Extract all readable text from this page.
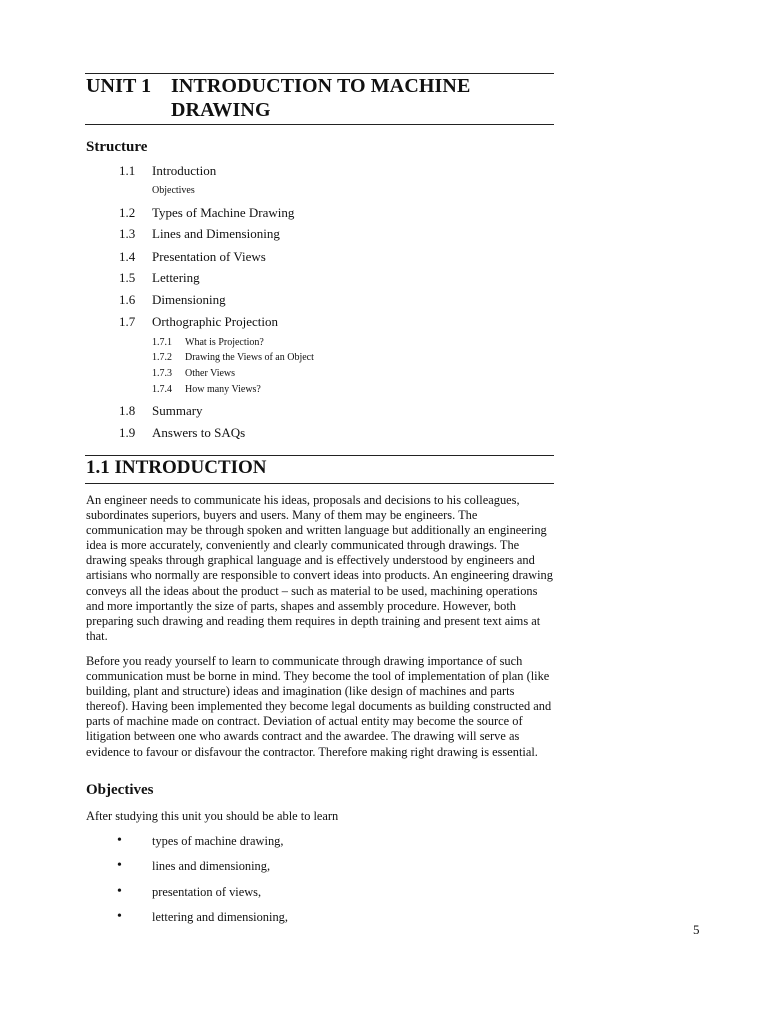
UNIT 1 INTRODUCTION TO MACHINE DRAWING
Structure
1.1 Introduction
Objectives
1.2 Types of Machine Drawing
1.3 Lines and Dimensioning
1.4 Presentation of Views
1.5 Lettering
1.6 Dimensioning
1.7 Orthographic Projection
1.7.1 What is Projection?
1.7.2 Drawing the Views of an Object
1.7.3 Other Views
1.7.4 How many Views?
1.8 Summary
1.9 Answers to SAQs
1.1 INTRODUCTION

An engineer needs to communicate his ideas, proposals and decisions to his colleagues, subordinates superiors, buyers and users. Many of them may be engineers. The communication may be through spoken and written language but additionally an engineering idea is more accurately, conveniently and clearly communicated through drawings. The drawing speaks through graphical language and is effectively understood by engineers and artisians who normally are responsible to convert ideas into products. An engineering drawing conveys all the ideas about the product – such as material to be used, machining operations and more importantly the size of parts, shapes and assembly procedure. However, both preparing such drawing and reading them requires in depth training and present text aims at that.

Before you ready yourself to learn to communicate through drawing importance of such communication must be borne in mind. They become the tool of implementation of plan (like building, plant and structure) ideas and imagination (like design of machines and parts thereof). Having been implemented they become legal documents as building constructed and parts of machine made on contract. Deviation of actual entity may become the source of litigation between one who awards contract and the awardee. The drawing will serve as evidence to favour or disfavour the contractor. Therefore making right drawing is essential.

Objectives
After studying this unit you should be able to learn
• types of machine drawing,
• lines and dimensioning,
• presentation of views,
• lettering and dimensioning,
5
